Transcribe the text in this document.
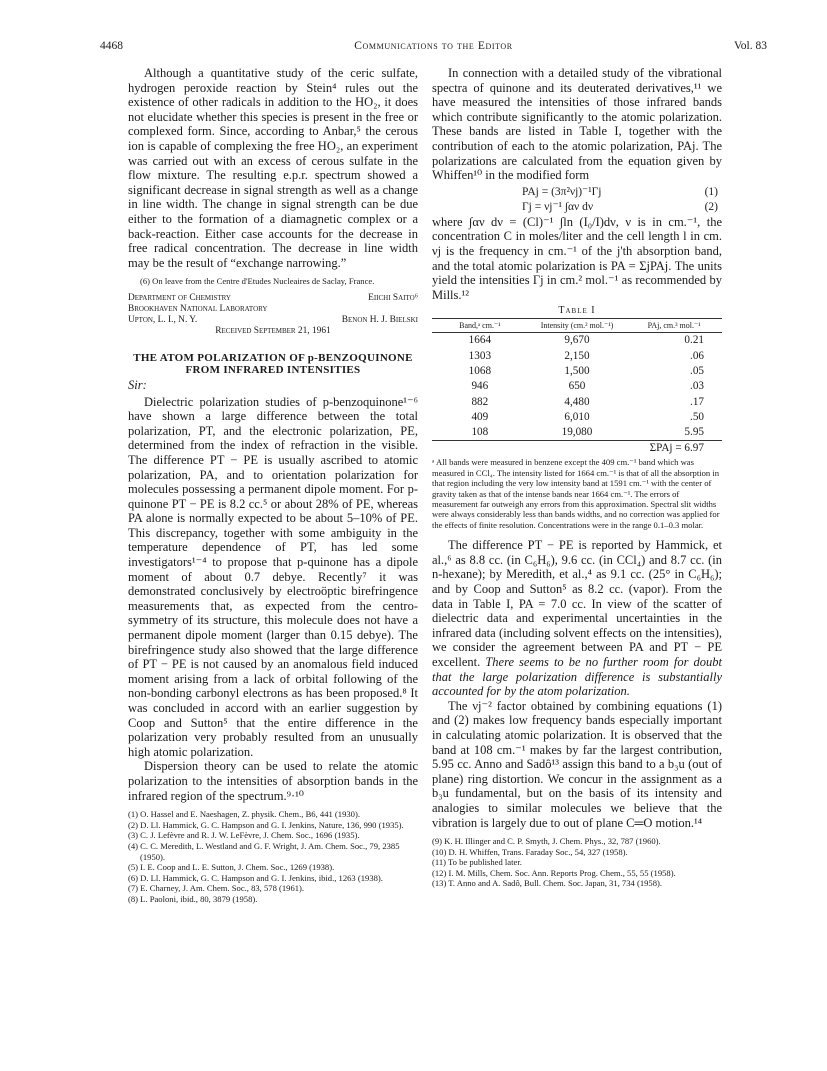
4468	Communications to the Editor	Vol. 83

Although a quantitative study of the ceric sulfate, hydrogen peroxide reaction by Stein⁴ rules out the existence of other radicals in addition to the HO₂, it does not elucidate whether this species is present in the free or complexed form. Since, according to Anbar,⁵ the cerous ion is capable of complexing the free HO₂, an experiment was carried out with an excess of cerous sulfate in the flow mixture. The resulting e.p.r. spectrum showed a significant decrease in signal strength as well as a change in line width. The change in signal strength can be due either to the formation of a diamagnetic complex or a back-reaction. Either case accounts for the decrease in free radical concentration. The decrease in line width may be the result of “exchange narrowing.”

(6) On leave from the Centre d'Etudes Nucleaires de Saclay, France.
Department of Chemistry	Eiichi Saito⁶
Brookhaven National Laboratory
Upton, L. I., N. Y.	Benon H. J. Bielski
Received September 21, 1961
THE ATOM POLARIZATION OF p-BENZOQUINONE FROM INFRARED INTENSITIES
Sir:

Dielectric polarization studies of p-benzoquinone¹⁻⁶ have shown a large difference between the total polarization, PT, and the electronic polarization, PE, determined from the index of refraction in the visible. The difference PT − PE is usually ascribed to atomic polarization, PA, and to orientation polarization for molecules possessing a permanent dipole moment. For p-quinone PT − PE is 8.2 cc.⁵ or about 28% of PE, whereas PA alone is normally expected to be about 5–10% of PE. This discrepancy, together with some ambiguity in the temperature dependence of PT, has led some investigators¹⁻⁴ to propose that p-quinone has a dipole moment of about 0.7 debye. Recently⁷ it was demonstrated conclusively by electroöptic birefringence measurements that, as expected from the centro-symmetry of its structure, this molecule does not have a permanent dipole moment (larger than 0.15 debye). The birefringence study also showed that the large difference of PT − PE is not caused by an anomalous field induced moment arising from a lack of orbital following of the non-bonding carbonyl electrons as has been proposed.⁸ It was concluded in accord with an earlier suggestion by Coop and Sutton⁵ that the entire difference in the polarization very probably resulted from an unusually high atomic polarization.

Dispersion theory can be used to relate the atomic polarization to the intensities of absorption bands in the infrared region of the spectrum.⁹·¹⁰

(1) O. Hassel and E. Naeshagen, Z. physik. Chem., B6, 441 (1930).
(2) D. Ll. Hammick, G. C. Hampson and G. I. Jenkins, Nature, 136, 990 (1935).
(3) C. J. Lefèvre and R. J. W. LeFèvre, J. Chem. Soc., 1696 (1935).
(4) C. C. Meredith, L. Westland and G. F. Wright, J. Am. Chem. Soc., 79, 2385 (1950).
(5) I. E. Coop and L. E. Sutton, J. Chem. Soc., 1269 (1938).
(6) D. Ll. Hammick, G. C. Hampson and G. I. Jenkins, ibid., 1263 (1938).
(7) E. Charney, J. Am. Chem. Soc., 83, 578 (1961).
(8) L. Paoloni, ibid., 80, 3879 (1958).

In connection with a detailed study of the vibrational spectra of quinone and its deuterated derivatives,¹¹ we have measured the intensities of those infrared bands which contribute significantly to the atomic polarization. These bands are listed in Table I, together with the contribution of each to the atomic polarization, PAj. The polarizations are calculated from the equation given by Whiffen¹⁰ in the modified form

PAj = (3π²νj)⁻¹Γj	(1)
Γj = νj⁻¹ ∫αν dν	(2)

where ∫αν dν = (Cl)⁻¹ ∫ln (I₀/I)dν, ν is in cm.⁻¹, the concentration C in moles/liter and the cell length l in cm. νj is the frequency in cm.⁻¹ of the j'th absorption band, and the total atomic polarization is PA = ΣjPAj. The units yield the intensities Γj in cm.² mol.⁻¹ as recommended by Mills.¹²

Table I
Band,ᵃ cm.⁻¹	Intensity (cm.² mol.⁻¹)	PAj, cm.³ mol.⁻¹
1664	9,670	0.21
1303	2,150	.06
1068	1,500	.05
946	650	.03
882	4,480	.17
409	6,010	.50
108	19,080	5.95
ΣPAj = 6.97
ᵃ All bands were measured in benzene except the 409 cm.⁻¹ band which was measured in CCl₄. The intensity listed for 1664 cm.⁻¹ is that of all the absorption in that region including the very low intensity band at 1591 cm.⁻¹ with the center of gravity taken as that of the intense bands near 1664 cm.⁻¹. The errors of measurement far outweigh any errors from this approximation. Spectral slit widths were always considerably less than bands widths, and no correction was applied for the effects of finite resolution. Concentrations were in the range 0.1–0.3 molar.

The difference PT − PE is reported by Hammick, et al.,⁶ as 8.8 cc. (in C₆H₆), 9.6 cc. (in CCl₄) and 8.7 cc. (in n-hexane); by Meredith, et al.,⁴ as 9.1 cc. (25° in C₆H₆); and by Coop and Sutton⁵ as 8.2 cc. (vapor). From the data in Table I, PA = 7.0 cc. In view of the scatter of dielectric data and experimental uncertainties in the infrared data (including solvent effects on the intensities), we consider the agreement between PA and PT − PE excellent. There seems to be no further room for doubt that the large polarization difference is substantially accounted for by the atom polarization.

The νj⁻² factor obtained by combining equations (1) and (2) makes low frequency bands especially important in calculating atomic polarization. It is observed that the band at 108 cm.⁻¹ makes by far the largest contribution, 5.95 cc. Anno and Sadô¹³ assign this band to a b₃u (out of plane) ring distortion. We concur in the assignment as a b₃u fundamental, but on the basis of its intensity and analogies to similar molecules we believe that the vibration is largely due to out of plane C═O motion.¹⁴

(9) K. H. Illinger and C. P. Smyth, J. Chem. Phys., 32, 787 (1960).
(10) D. H. Whiffen, Trans. Faraday Soc., 54, 327 (1958).
(11) To be published later.
(12) I. M. Mills, Chem. Soc. Ann. Reports Prog. Chem., 55, 55 (1958).
(13) T. Anno and A. Sadô, Bull. Chem. Soc. Japan, 31, 734 (1958).
